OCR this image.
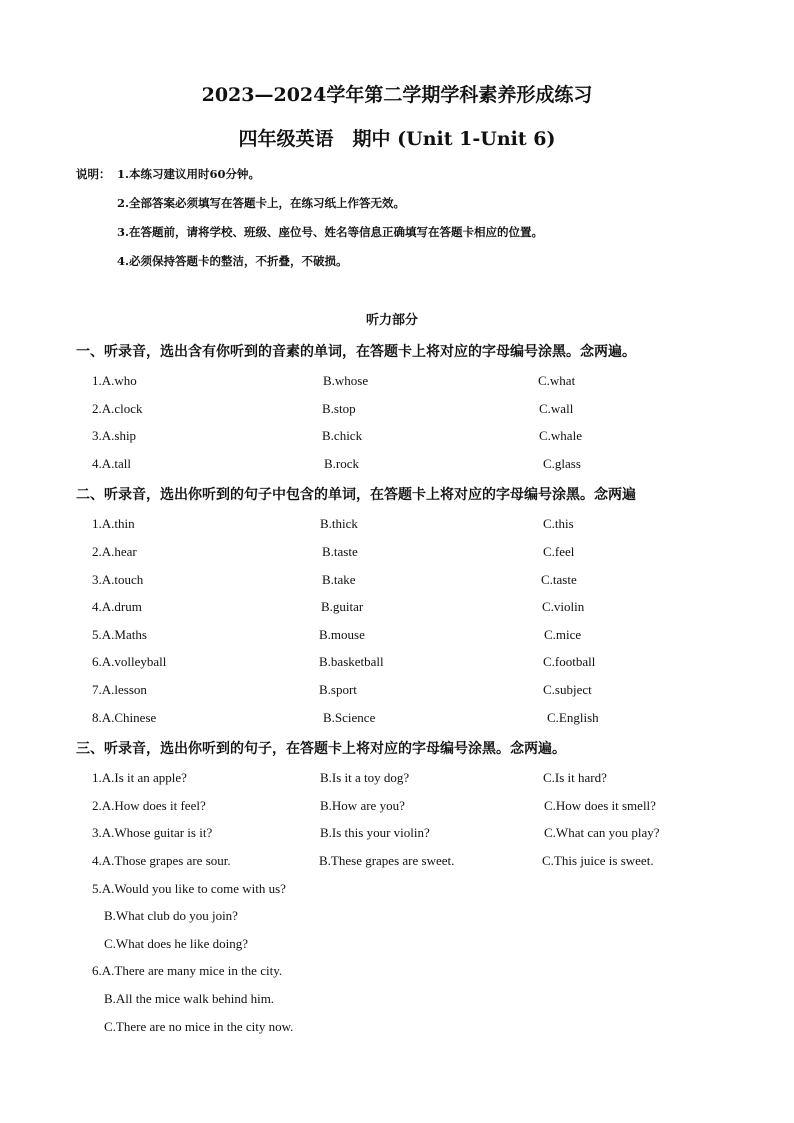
2023—2024学年第二学期学科素养形成练习
四年级英语　期中 (Unit 1-Unit 6)
说明： 1.本练习建议用时60分钟。
2.全部答案必须填写在答题卡上，在练习纸上作答无效。
3.在答题前，请将学校、班级、座位号、姓名等信息正确填写在答题卡相应的位置。
4.必须保持答题卡的整洁，不折叠，不破损。
听力部分
一、听录音，选出含有你听到的音素的单词，在答题卡上将对应的字母编号涂黑。念两遍。
1.A.who	B.whose	C.what
2.A.clock	B.stop	C.wall
3.A.ship	B.chick	C.whale
4.A.tall	B.rock	C.glass
二、听录音，选出你听到的句子中包含的单词，在答题卡上将对应的字母编号涂黑。念两遍
1.A.thin	B.thick	C.this
2.A.hear	B.taste	C.feel
3.A.touch	B.take	C.taste
4.A.drum	B.guitar	C.violin
5.A.Maths	B.mouse	C.mice
6.A.volleyball	B.basketball	C.football
7.A.lesson	B.sport	C.subject
8.A.Chinese	B.Science	C.English
三、听录音，选出你听到的句子，在答题卡上将对应的字母编号涂黑。念两遍。
1.A.Is it an apple?	B.Is it a toy dog?	C.Is it hard?
2.A.How does it feel?	B.How are you?	C.How does it smell?
3.A.Whose guitar is it?	B.Is this your violin?	C.What can you play?
4.A.Those grapes are sour.	B.These grapes are sweet.	C.This juice is sweet.
5.A.Would you like to come with us?
B.What club do you join?
C.What does he like doing?
6.A.There are many mice in the city.
B.All the mice walk behind him.
C.There are no mice in the city now.
